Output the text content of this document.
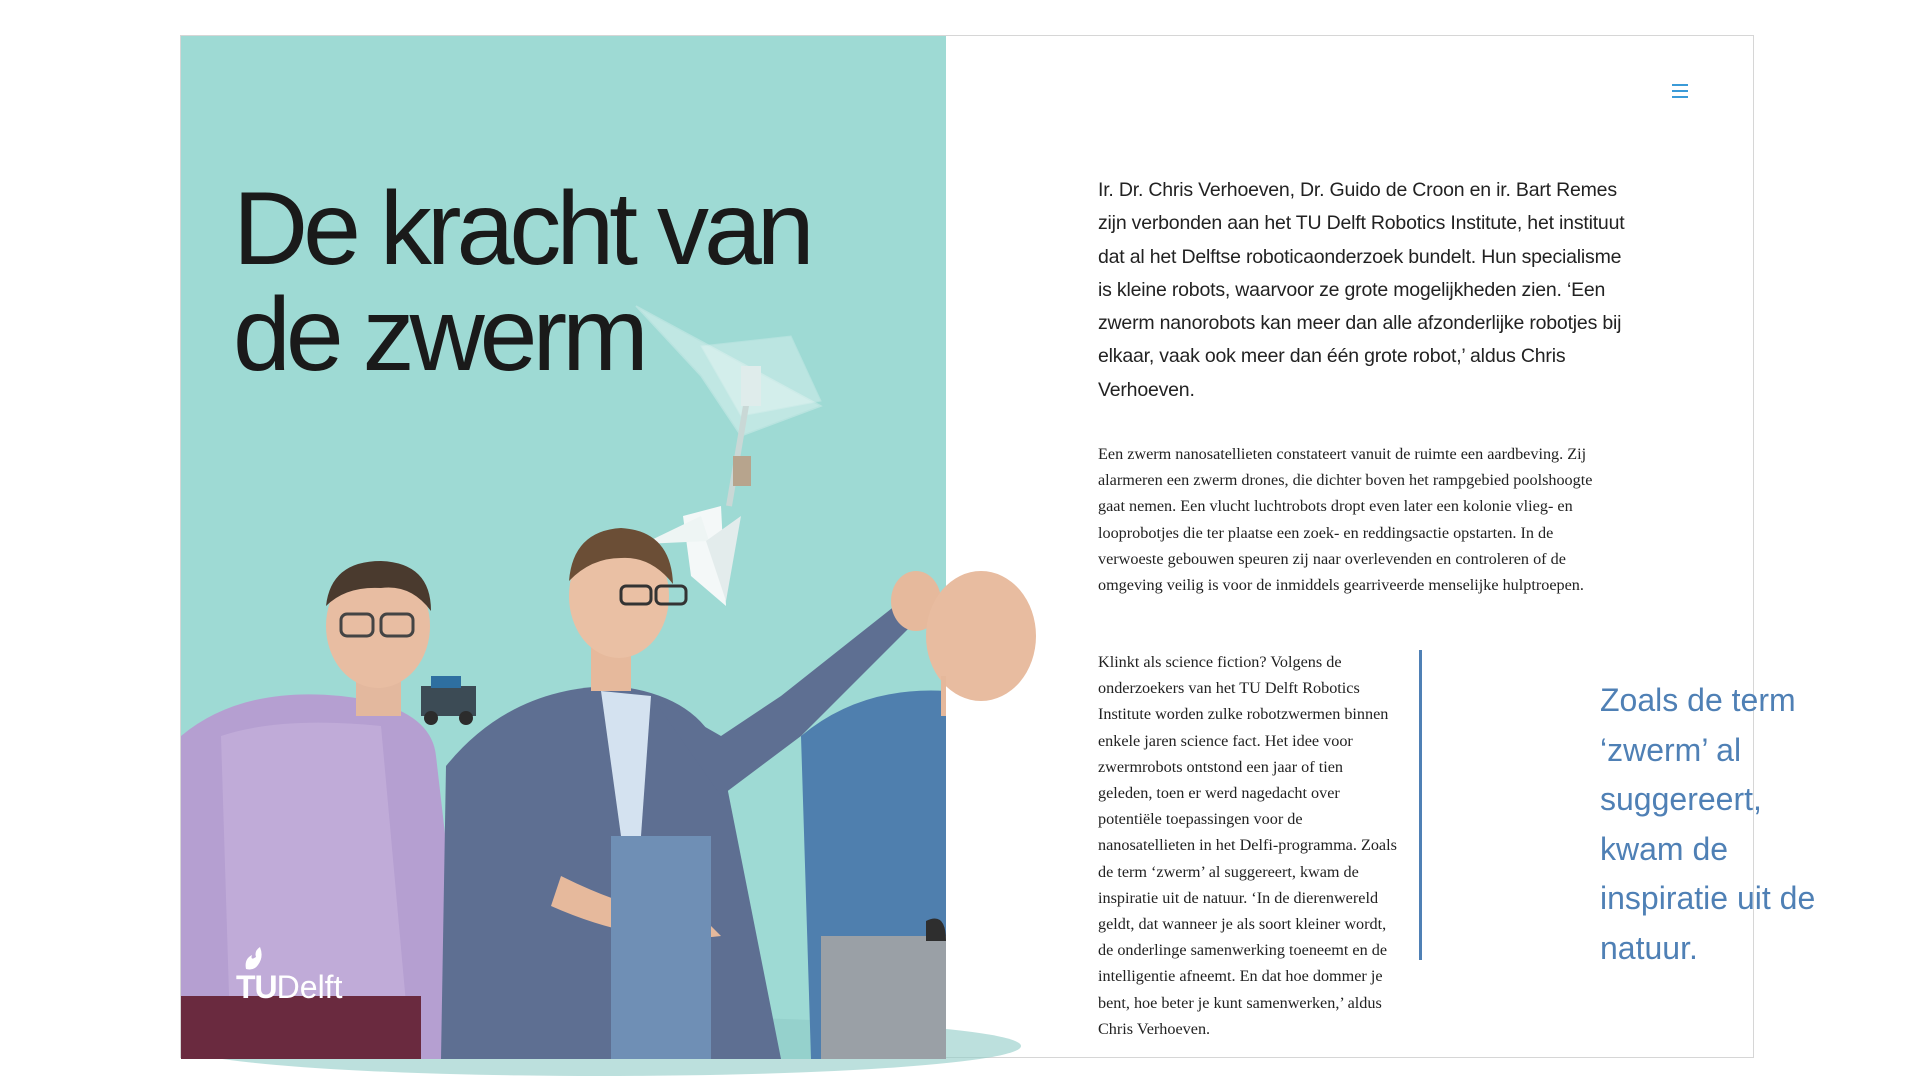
De kracht van
de zwerm
TU Delft

Ir. Dr. Chris Verhoeven, Dr. Guido de Croon en ir. Bart Remes zijn verbonden aan het TU Delft Robotics Institute, het instituut dat al het Delftse roboticaonderzoek bundelt. Hun specialisme is kleine robots, waarvoor ze grote mogelijkheden zien. ‘Een zwerm nanorobots kan meer dan alle afzonderlijke robotjes bij elkaar, vaak ook meer dan één grote robot,’ aldus Chris Verhoeven.

Een zwerm nanosatellieten constateert vanuit de ruimte een aardbeving. Zij alarmeren een zwerm drones, die dichter boven het rampgebied poolshoogte gaat nemen. Een vlucht luchtrobots dropt even later een kolonie vlieg- en looprobotjes die ter plaatse een zoek- en reddingsactie opstarten. In de verwoeste gebouwen speuren zij naar overlevenden en controleren of de omgeving veilig is voor de inmiddels gearriveerde menselijke hulptroepen.

Klinkt als science fiction? Volgens de onderzoekers van het TU Delft Robotics Institute worden zulke robotzwermen binnen enkele jaren science fact. Het idee voor zwermrobots ontstond een jaar of tien geleden, toen er werd nagedacht over potentiële toepassingen voor de nanosatellieten in het Delfi-programma. Zoals de term ‘zwerm’ al suggereert, kwam de inspiratie uit de natuur. ‘In de dierenwereld geldt, dat wanneer je als soort kleiner wordt, de onderlinge samenwerking toeneemt en de intelligentie afneemt. En dat hoe dommer je bent, hoe beter je kunt samenwerken,’ aldus Chris Verhoeven.

Zoals de term ‘zwerm’ al suggereert, kwam de inspiratie uit de natuur.
